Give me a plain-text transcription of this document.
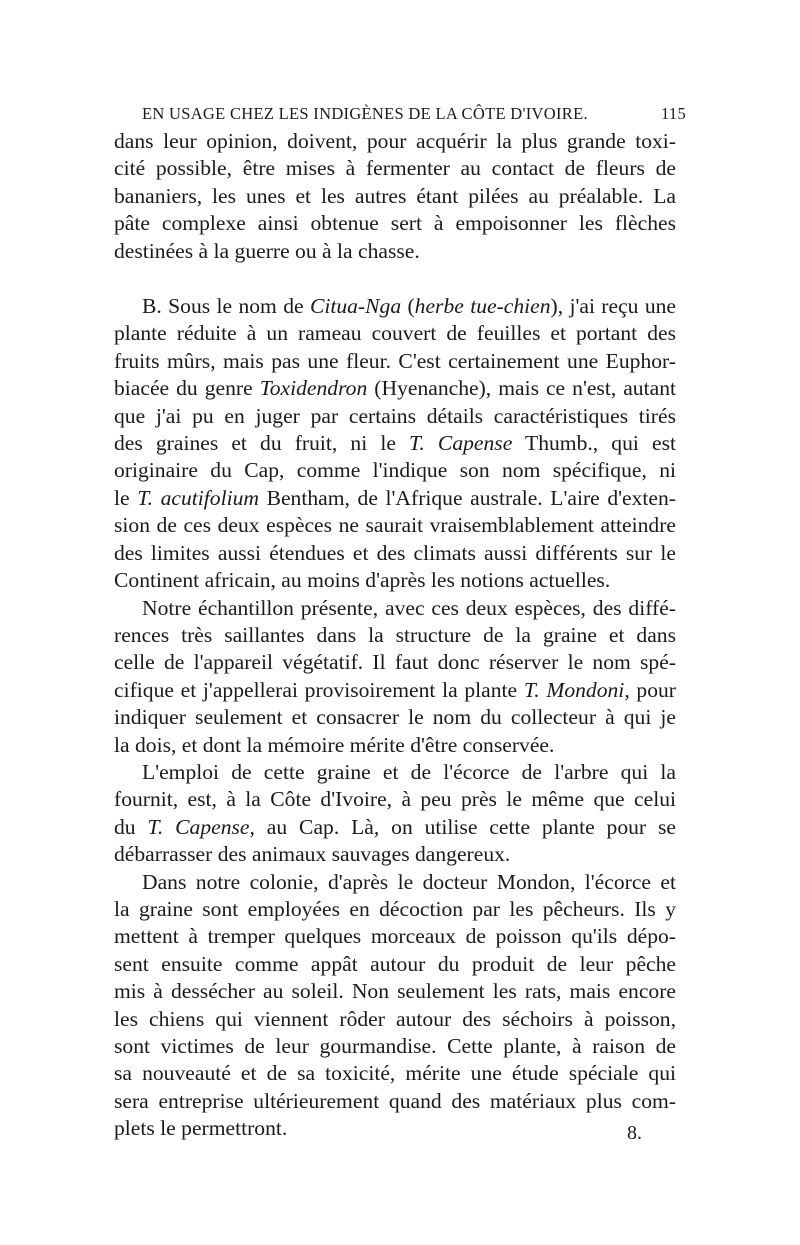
EN USAGE CHEZ LES INDIGÈNES DE LA CÔTE D'IVOIRE.	115
dans leur opinion, doivent, pour acquérir la plus grande toxi-
cité possible, être mises à fermenter au contact de fleurs de
bananiers, les unes et les autres étant pilées au préalable. La
pâte complexe ainsi obtenue sert à empoisonner les flèches
destinées à la guerre ou à la chasse.
B. Sous le nom de Citua-Nga (herbe tue-chien), j'ai reçu une
plante réduite à un rameau couvert de feuilles et portant des
fruits mûrs, mais pas une fleur. C'est certainement une Euphor-
biacée du genre Toxidendron (Hyenanche), mais ce n'est, autant
que j'ai pu en juger par certains détails caractéristiques tirés
des graines et du fruit, ni le T. Capense Thumb., qui est
originaire du Cap, comme l'indique son nom spécifique, ni
le T. acutifolium Bentham, de l'Afrique australe. L'aire d'exten-
sion de ces deux espèces ne saurait vraisemblablement atteindre
des limites aussi étendues et des climats aussi différents sur le
Continent africain, au moins d'après les notions actuelles.
Notre échantillon présente, avec ces deux espèces, des diffé-
rences très saillantes dans la structure de la graine et dans
celle de l'appareil végétatif. Il faut donc réserver le nom spé-
cifique et j'appellerai provisoirement la plante T. Mondoni, pour
indiquer seulement et consacrer le nom du collecteur à qui je
la dois, et dont la mémoire mérite d'être conservée.
L'emploi de cette graine et de l'écorce de l'arbre qui la
fournit, est, à la Côte d'Ivoire, à peu près le même que celui
du T. Capense, au Cap. Là, on utilise cette plante pour se
débarrasser des animaux sauvages dangereux.
Dans notre colonie, d'après le docteur Mondon, l'écorce et
la graine sont employées en décoction par les pêcheurs. Ils y
mettent à tremper quelques morceaux de poisson qu'ils dépo-
sent ensuite comme appât autour du produit de leur pêche
mis à dessécher au soleil. Non seulement les rats, mais encore
les chiens qui viennent rôder autour des séchoirs à poisson,
sont victimes de leur gourmandise. Cette plante, à raison de
sa nouveauté et de sa toxicité, mérite une étude spéciale qui
sera entreprise ultérieurement quand des matériaux plus com-
plets le permettront.	8.
